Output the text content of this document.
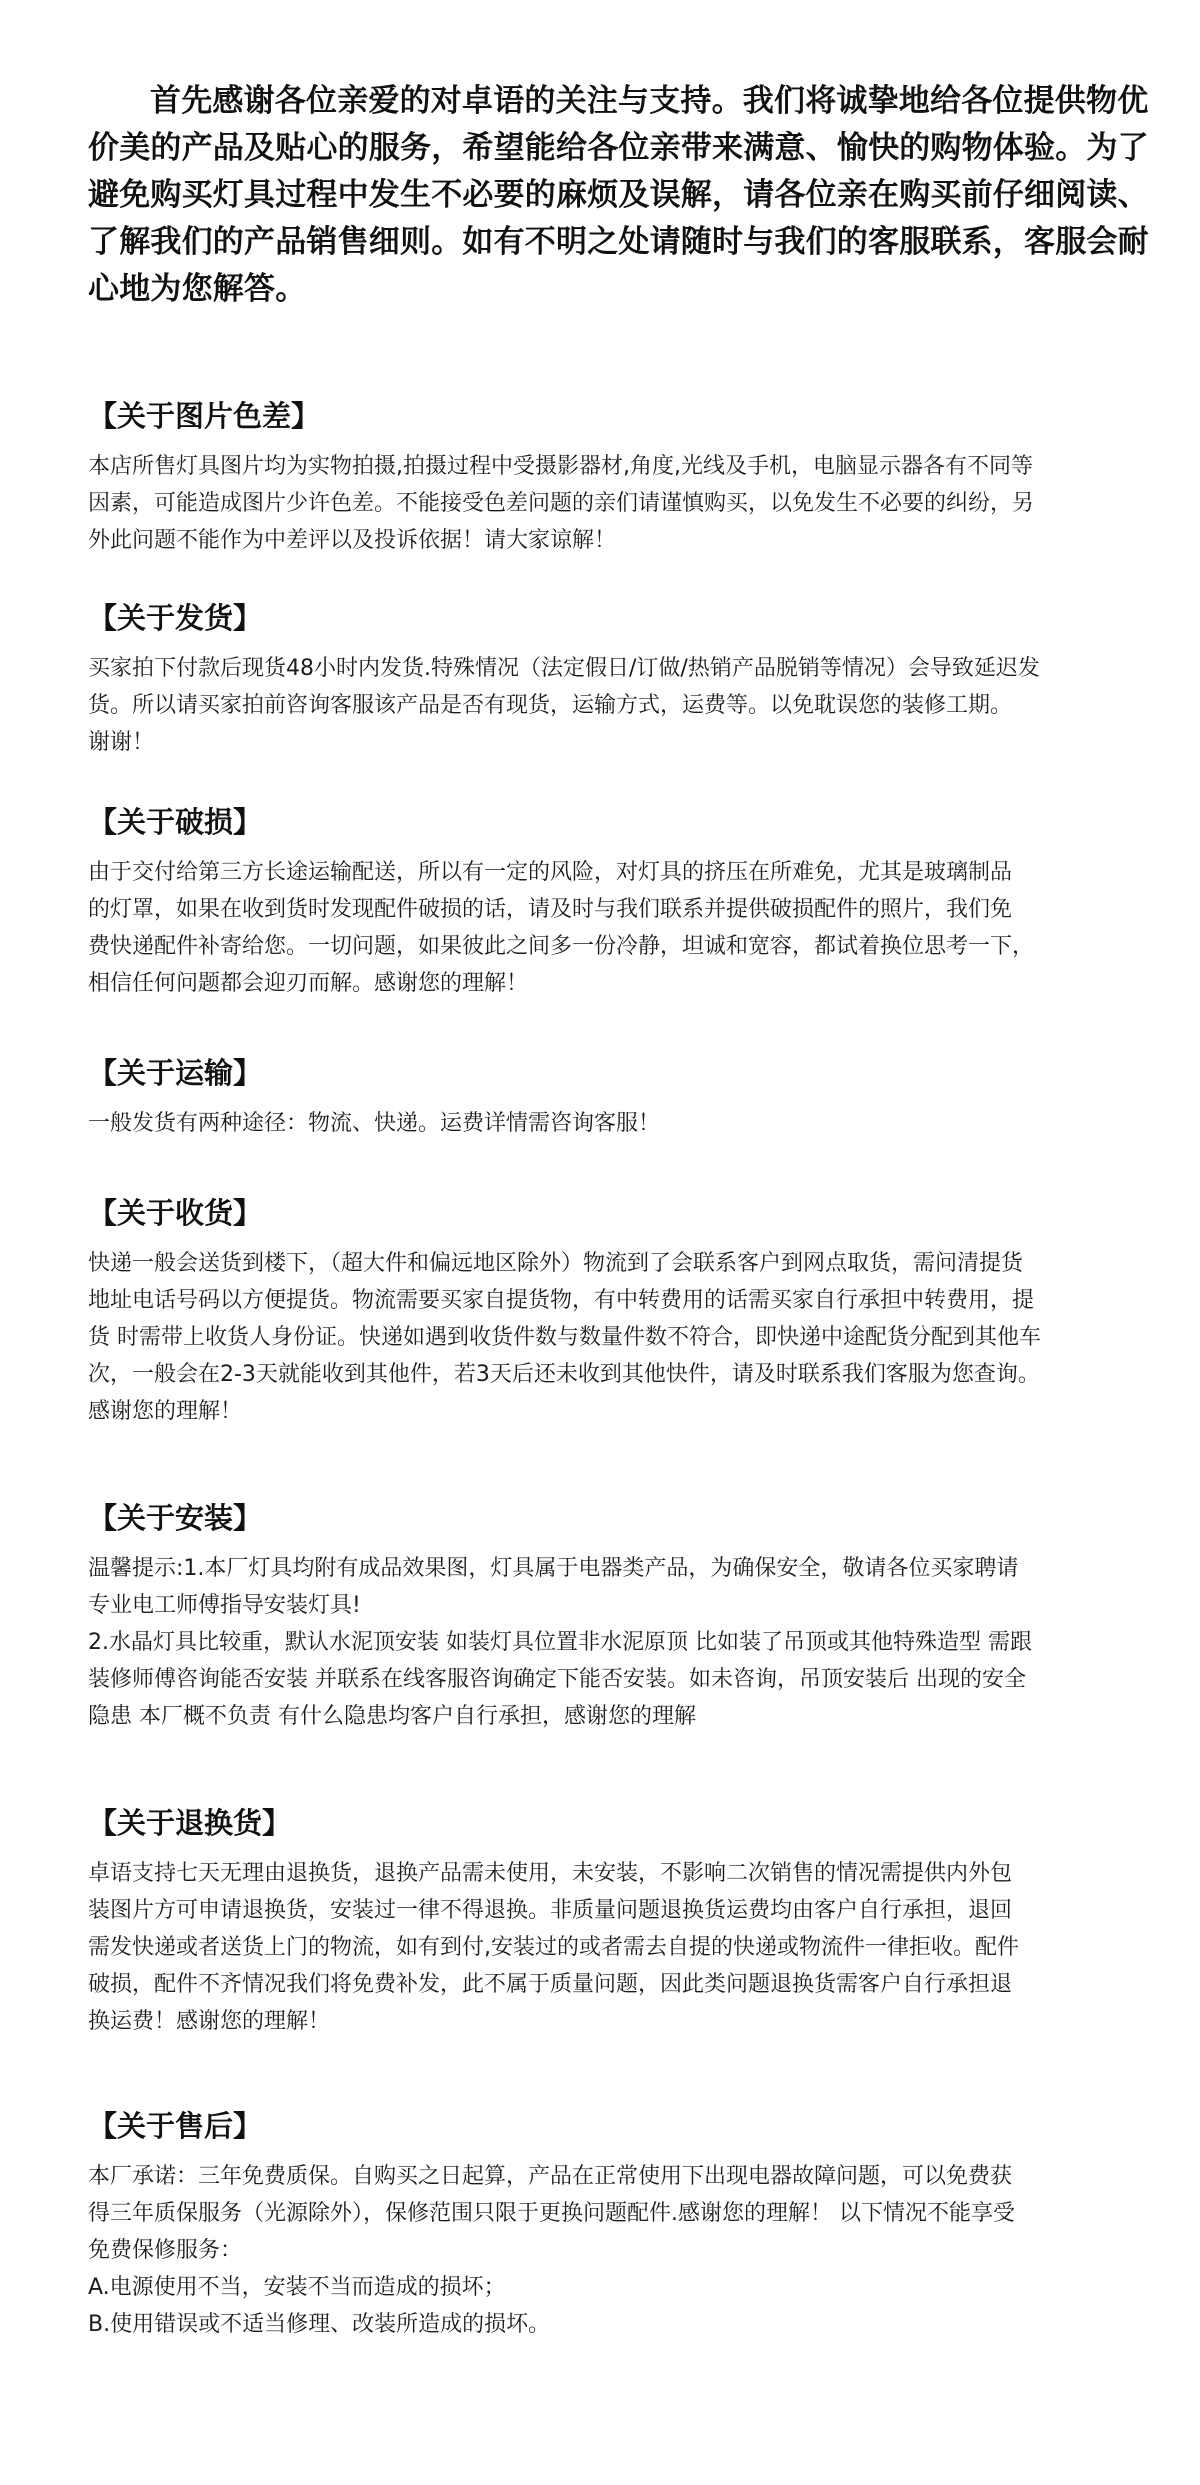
首先感谢各位亲爱的对卓语的关注与支持。我们将诚挚地给各位提供物优
价美的产品及贴心的服务，希望能给各位亲带来满意、愉快的购物体验。为了
避免购买灯具过程中发生不必要的麻烦及误解，请各位亲在购买前仔细阅读、
了解我们的产品销售细则。如有不明之处请随时与我们的客服联系，客服会耐
心地为您解答。

【关于图片色差】

本店所售灯具图片均为实物拍摄,拍摄过程中受摄影器材,角度,光线及手机，电脑显示器各有不同等
因素，可能造成图片少许色差。不能接受色差问题的亲们请谨慎购买，以免发生不必要的纠纷，另
外此问题不能作为中差评以及投诉依据！请大家谅解！

【关于发货】

买家拍下付款后现货48小时内发货.特殊情况（法定假日/订做/热销产品脱销等情况）会导致延迟发
货。所以请买家拍前咨询客服该产品是否有现货，运输方式，运费等。以免耽误您的装修工期。
谢谢！

【关于破损】

由于交付给第三方长途运输配送，所以有一定的风险，对灯具的挤压在所难免，尤其是玻璃制品
的灯罩，如果在收到货时发现配件破损的话，请及时与我们联系并提供破损配件的照片，我们免
费快递配件补寄给您。一切问题，如果彼此之间多一份冷静，坦诚和宽容，都试着换位思考一下，
相信任何问题都会迎刃而解。感谢您的理解！

【关于运输】

一般发货有两种途径：物流、快递。运费详情需咨询客服！

【关于收货】

快递一般会送货到楼下，（超大件和偏远地区除外）物流到了会联系客户到网点取货，需问清提货
地址电话号码以方便提货。物流需要买家自提货物，有中转费用的话需买家自行承担中转费用，提
货 时需带上收货人身份证。快递如遇到收货件数与数量件数不符合，即快递中途配货分配到其他车
次，一般会在2-3天就能收到其他件，若3天后还未收到其他快件，请及时联系我们客服为您查询。
感谢您的理解！

【关于安装】

温馨提示:1.本厂灯具均附有成品效果图，灯具属于电器类产品，为确保安全，敬请各位买家聘请
专业电工师傅指导安装灯具!
2.水晶灯具比较重，默认水泥顶安装 如装灯具位置非水泥原顶 比如装了吊顶或其他特殊造型 需跟
装修师傅咨询能否安装 并联系在线客服咨询确定下能否安装。如未咨询，吊顶安装后 出现的安全
隐患 本厂概不负责 有什么隐患均客户自行承担，感谢您的理解

【关于退换货】

卓语支持七天无理由退换货，退换产品需未使用，未安装，不影响二次销售的情况需提供内外包
装图片方可申请退换货，安装过一律不得退换。非质量问题退换货运费均由客户自行承担，退回
需发快递或者送货上门的物流，如有到付,安装过的或者需去自提的快递或物流件一律拒收。配件
破损，配件不齐情况我们将免费补发，此不属于质量问题，因此类问题退换货需客户自行承担退
换运费！感谢您的理解！

【关于售后】

本厂承诺：三年免费质保。自购买之日起算，产品在正常使用下出现电器故障问题，可以免费获
得三年质保服务（光源除外），保修范围只限于更换问题配件.感谢您的理解！ 以下情况不能享受
免费保修服务：
A.电源使用不当，安装不当而造成的损坏；
B.使用错误或不适当修理、改装所造成的损坏。
